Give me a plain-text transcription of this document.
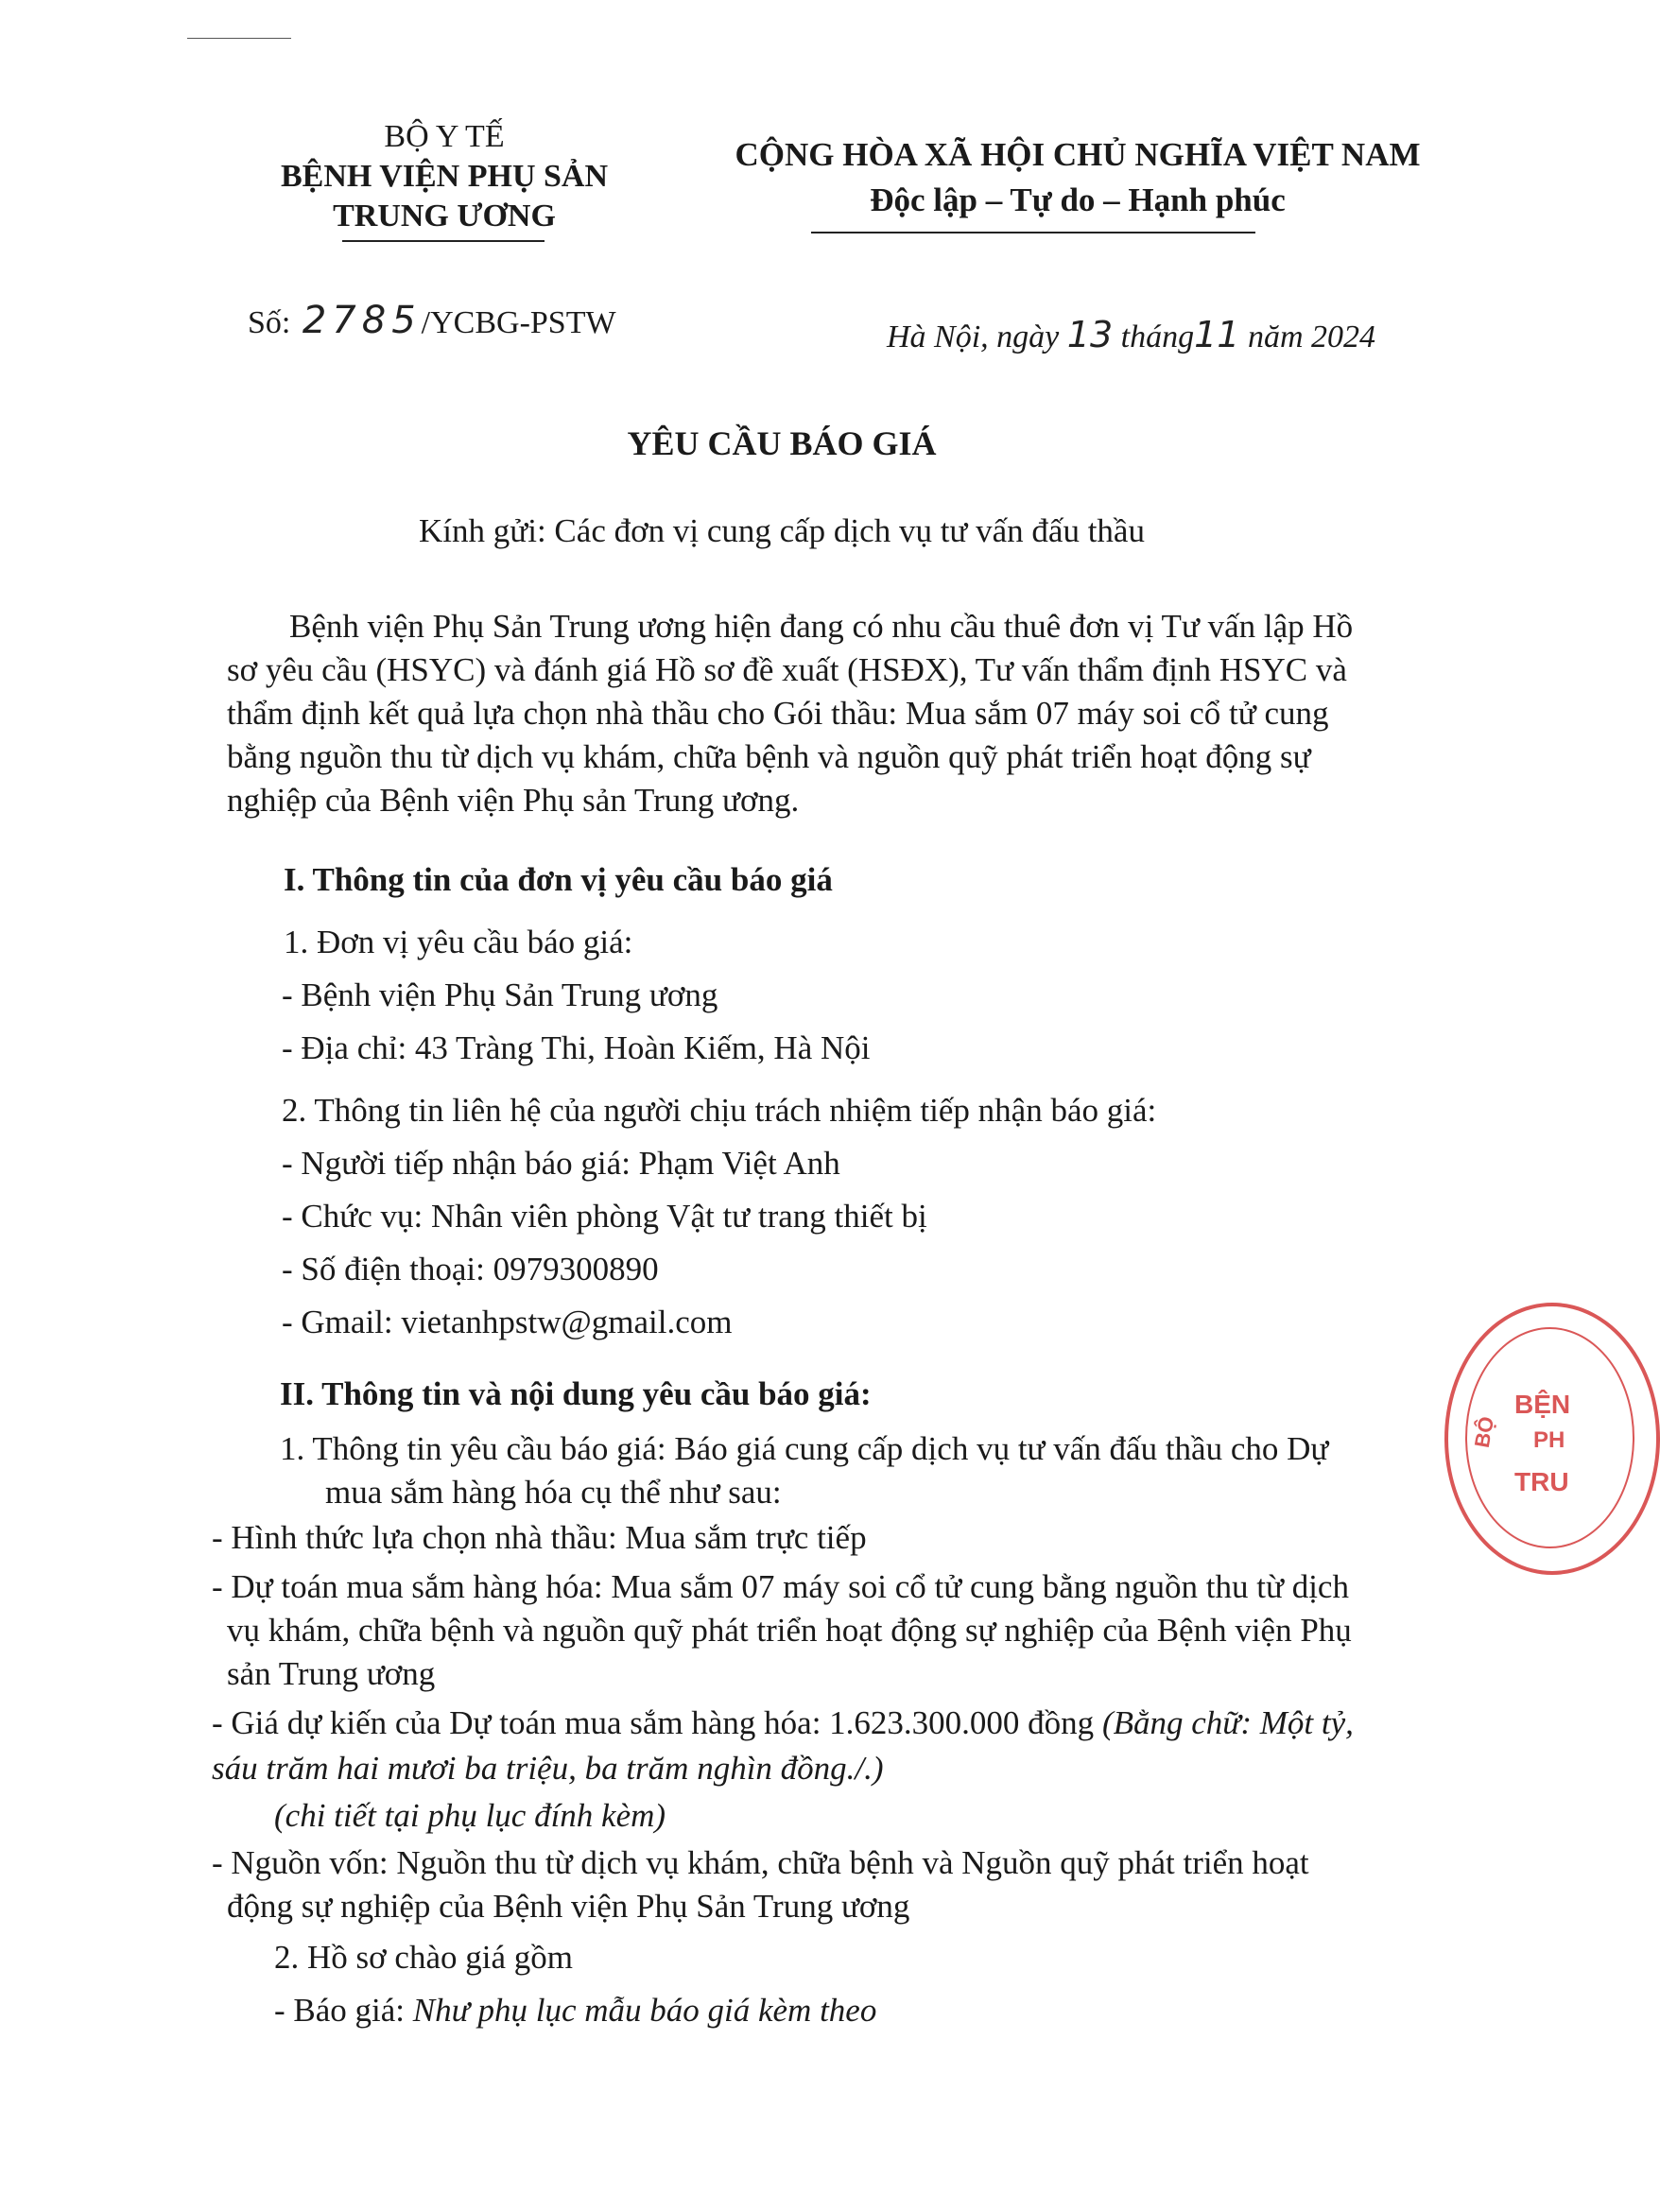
BỘ Y TẾ
BỆNH VIỆN PHỤ SẢN
TRUNG ƯƠNG
CỘNG HÒA XÃ HỘI CHỦ NGHĨA VIỆT NAM
Độc lập – Tự do – Hạnh phúc
Số: 2785/YCBG-PSTW	Hà Nội, ngày 13 tháng11 năm 2024
YÊU CẦU BÁO GIÁ
Kính gửi: Các đơn vị cung cấp dịch vụ tư vấn đấu thầu
Bệnh viện Phụ Sản Trung ương hiện đang có nhu cầu thuê đơn vị Tư vấn lập Hồ
sơ yêu cầu (HSYC) và đánh giá Hồ sơ đề xuất (HSĐX), Tư vấn thẩm định HSYC và
thẩm định kết quả lựa chọn nhà thầu cho Gói thầu: Mua sắm 07 máy soi cổ tử cung
bằng nguồn thu từ dịch vụ khám, chữa bệnh và nguồn quỹ phát triển hoạt động sự
nghiệp của Bệnh viện Phụ sản Trung ương.
I. Thông tin của đơn vị yêu cầu báo giá
1. Đơn vị yêu cầu báo giá:
- Bệnh viện Phụ Sản Trung ương
- Địa chỉ: 43 Tràng Thi, Hoàn Kiếm, Hà Nội
2. Thông tin liên hệ của người chịu trách nhiệm tiếp nhận báo giá:
- Người tiếp nhận báo giá: Phạm Việt Anh
- Chức vụ: Nhân viên phòng Vật tư trang thiết bị
- Số điện thoại: 0979300890
- Gmail: vietanhpstw@gmail.com
II. Thông tin và nội dung yêu cầu báo giá:
1. Thông tin yêu cầu báo giá: Báo giá cung cấp dịch vụ tư vấn đấu thầu cho Dự
mua sắm hàng hóa cụ thể như sau:
- Hình thức lựa chọn nhà thầu: Mua sắm trực tiếp
- Dự toán mua sắm hàng hóa: Mua sắm 07 máy soi cổ tử cung bằng nguồn thu từ dịch
vụ khám, chữa bệnh và nguồn quỹ phát triển hoạt động sự nghiệp của Bệnh viện Phụ
sản Trung ương
- Giá dự kiến của Dự toán mua sắm hàng hóa: 1.623.300.000 đồng (Bằng chữ: Một tỷ,
sáu trăm hai mươi ba triệu, ba trăm nghìn đồng./.)
(chi tiết tại phụ lục đính kèm)
- Nguồn vốn: Nguồn thu từ dịch vụ khám, chữa bệnh và Nguồn quỹ phát triển hoạt
động sự nghiệp của Bệnh viện Phụ Sản Trung ương
2. Hồ sơ chào giá gồm
- Báo giá: Như phụ lục mẫu báo giá kèm theo
BỆN
PH
TRU
BỘ
